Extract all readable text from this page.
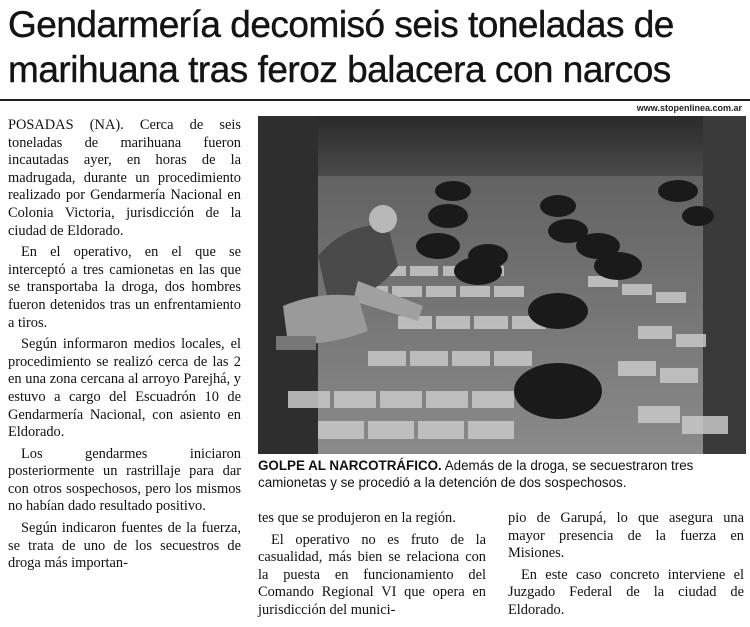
Gendarmería decomisó seis toneladas de marihuana tras feroz balacera con narcos

POSADAS (NA). Cerca de seis toneladas de marihuana fueron incautadas ayer, en horas de la madrugada, durante un procedimiento realizado por Gendarmería Nacional en Colonia Victoria, jurisdicción de la ciudad de Eldorado.

En el operativo, en el que se interceptó a tres camionetas en las que se transportaba la droga, dos hombres fueron detenidos tras un enfrentamiento a tiros.

Según informaron medios locales, el procedimiento se realizó cerca de las 2 en una zona cercana al arroyo Parejhá, y estuvo a cargo del Escuadrón 10 de Gendarmería Nacional, con asiento en Eldorado.

Los gendarmes iniciaron posteriormente un rastrillaje para dar con otros sospechosos, pero los mismos no habían dado resultado positivo.

Según indicaron fuentes de la fuerza, se trata de uno de los secuestros de droga más importan-

www.stopenlinea.com.ar

GOLPE AL NARCOTRÁFICO. Además de la droga, se secuestraron tres camionetas y se procedió a la detención de dos sospechosos.

tes que se produjeron en la región.

El operativo no es fruto de la casualidad, más bien se relaciona con la puesta en funcionamiento del Comando Regional VI que opera en jurisdicción del munici-

pio de Garupá, lo que asegura una mayor presencia de la fuerza en Misiones.

En este caso concreto interviene el Juzgado Federal de la ciudad de Eldorado.
